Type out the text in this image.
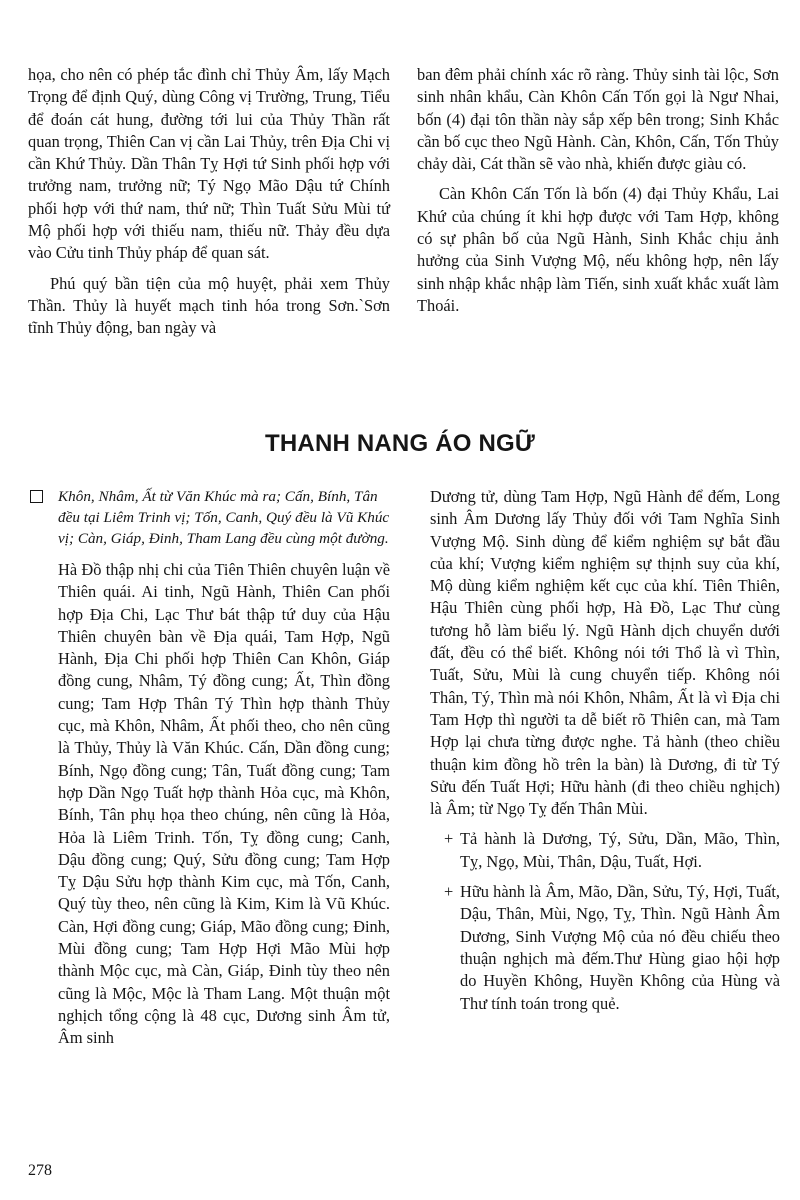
họa, cho nên có phép tắc đình chỉ Thủy Âm, lấy Mạch Trọng để định Quý, dùng Công vị Trường, Trung, Tiểu để đoán cát hung, đường tới lui của Thủy Thần rất quan trọng, Thiên Can vị cần Lai Thủy, trên Địa Chi vị cần Khứ Thủy. Dần Thân Tỵ Hợi tứ Sinh phối hợp với trưởng nam, trưởng nữ; Tý Ngọ Mão Dậu tứ Chính phối hợp với thứ nam, thứ nữ; Thìn Tuất Sửu Mùi tứ Mộ phối hợp với thiếu nam, thiếu nữ. Thảy đều dựa vào Cửu tinh Thủy pháp để quan sát.

Phú quý bần tiện của mộ huyệt, phải xem Thủy Thần. Thủy là huyết mạch tinh hóa trong Sơn.`Sơn tĩnh Thủy động, ban ngày và

ban đêm phải chính xác rõ ràng. Thủy sinh tài lộc, Sơn sinh nhân khẩu, Càn Khôn Cấn Tốn gọi là Ngư Nhai, bốn (4) đại tôn thần này sắp xếp bên trong; Sinh Khắc cần bố cục theo Ngũ Hành. Càn, Khôn, Cấn, Tốn Thủy chảy dài, Cát thần sẽ vào nhà, khiến được giàu có.

Càn Khôn Cấn Tốn là bốn (4) đại Thủy Khẩu, Lai Khứ của chúng ít khi hợp được với Tam Hợp, không có sự phân bố của Ngũ Hành, Sinh Khắc chịu ảnh hưởng của Sinh Vượng Mộ, nếu không hợp, nên lấy sinh nhập khắc nhập làm Tiến, sinh xuất khắc xuất làm Thoái.

THANH NANG ÁO NGỮ
Khôn, Nhâm, Ất từ Văn Khúc mà ra; Cấn, Bính, Tân đều tại Liêm Trinh vị; Tốn, Canh, Quý đều là Vũ Khúc vị; Càn, Giáp, Đinh, Tham Lang đều cùng một đường.

Hà Đồ thập nhị chi của Tiên Thiên chuyên luận về Thiên quái. Ai tinh, Ngũ Hành, Thiên Can phối hợp Địa Chi, Lạc Thư bát thập tứ duy của Hậu Thiên chuyên bàn về Địa quái, Tam Hợp, Ngũ Hành, Địa Chi phối hợp Thiên Can Khôn, Giáp đồng cung, Nhâm, Tý đồng cung; Ất, Thìn đồng cung; Tam Hợp Thân Tý Thìn hợp thành Thủy cục, mà Khôn, Nhâm, Ất phối theo, cho nên cũng là Thủy, Thủy là Văn Khúc. Cấn, Dần đồng cung; Bính, Ngọ đồng cung; Tân, Tuất đồng cung; Tam hợp Dần Ngọ Tuất hợp thành Hỏa cục, mà Khôn, Bính, Tân phụ họa theo chúng, nên cũng là Hỏa, Hỏa là Liêm Trinh. Tốn, Tỵ đồng cung; Canh, Dậu đồng cung; Quý, Sửu đồng cung; Tam Hợp Tỵ Dậu Sửu hợp thành Kim cục, mà Tốn, Canh, Quý tùy theo, nên cũng là Kim, Kim là Vũ Khúc. Càn, Hợi đồng cung; Giáp, Mão đồng cung; Đinh, Mùi đồng cung; Tam Hợp Hợi Mão Mùi hợp thành Mộc cục, mà Càn, Giáp, Đinh tùy theo nên cũng là Mộc, Mộc là Tham Lang. Một thuận một nghịch tổng cộng là 48 cục, Dương sinh Âm tử, Âm sinh

Dương tử, dùng Tam Hợp, Ngũ Hành để đếm, Long sinh Âm Dương lấy Thủy đối với Tam Nghĩa Sinh Vượng Mộ. Sinh dùng để kiểm nghiệm sự bắt đầu của khí; Vượng kiểm nghiệm sự thịnh suy của khí, Mộ dùng kiểm nghiệm kết cục của khí. Tiên Thiên, Hậu Thiên cùng phối hợp, Hà Đồ, Lạc Thư cùng tương hỗ làm biểu lý. Ngũ Hành dịch chuyển dưới đất, đều có thể biết. Không nói tới Thổ là vì Thìn, Tuất, Sửu, Mùi là cung chuyển tiếp. Không nói Thân, Tý, Thìn mà nói Khôn, Nhâm, Ất là vì Địa chi Tam Hợp thì người ta dễ biết rõ Thiên can, mà Tam Hợp lại chưa từng được nghe. Tả hành (theo chiều thuận kim đồng hồ trên la bàn) là Dương, đi từ Tý Sửu đến Tuất Hợi; Hữu hành (đi theo chiều nghịch) là Âm; từ Ngọ Tỵ đến Thân Mùi.

+ Tả hành là Dương, Tý, Sửu, Dần, Mão, Thìn, Tỵ, Ngọ, Mùi, Thân, Dậu, Tuất, Hợi.
+ Hữu hành là Âm, Mão, Dần, Sửu, Tý, Hợi, Tuất, Dậu, Thân, Mùi, Ngọ, Tỵ, Thìn. Ngũ Hành Âm Dương, Sinh Vượng Mộ của nó đều chiếu theo thuận nghịch mà đếm.Thư Hùng giao hội hợp do Huyền Không, Huyền Không của Hùng và Thư tính toán trong quẻ.
278
